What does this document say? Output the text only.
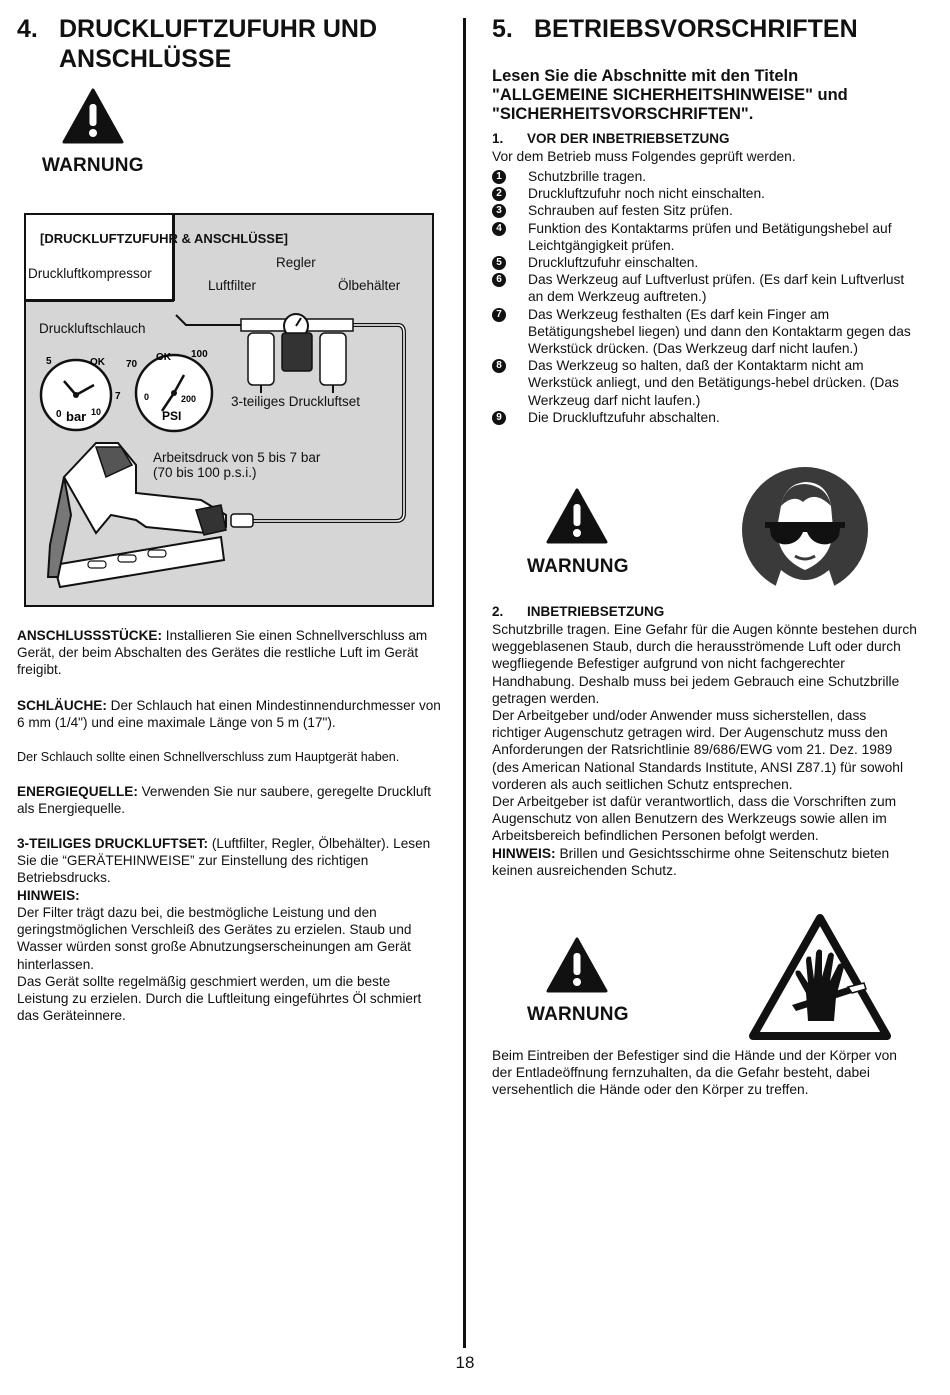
4. DRUCKLUFTZUFUHR UND
ANSCHLÜSSE
WARNUNG
[DRUCKLUFTZUFUHR & ANSCHLÜSSE]
Druckluftkompressor
Regler
Luftfilter	Ölbehälter
Druckluftschlauch
3-teiliges Druckluftset
Arbeitsdruck von 5 bis 7 bar
(70 bis 100 p.s.i.)
5	OK
7
0 bar 10
70
OK 100
0	200
PSI

ANSCHLUSSSTÜCKE: Installieren Sie einen Schnellverschluss am Gerät, der beim Abschalten des Gerätes die restliche Luft im Gerät freigibt.

SCHLÄUCHE: Der Schlauch hat einen Mindestinnendurchmesser von 6 mm (1/4") und eine maximale Länge von 5 m (17").

Der Schlauch sollte einen Schnellverschluss zum Hauptgerät haben.

ENERGIEQUELLE: Verwenden Sie nur saubere, geregelte Druckluft als Energiequelle.

3-TEILIGES DRUCKLUFTSET: (Luftfilter, Regler, Ölbehälter). Lesen Sie die “GERÄTEHINWEISE” zur Einstellung des richtigen Betriebsdrucks.

HINWEIS:

Der Filter trägt dazu bei, die bestmögliche Leistung und den geringstmöglichen Verschleiß des Gerätes zu erzielen. Staub und Wasser würden sonst große Abnutzungserscheinungen am Gerät hinterlassen.

Das Gerät sollte regelmäßig geschmiert werden, um die beste Leistung zu erzielen. Durch die Luftleitung eingeführtes Öl schmiert das Geräteinnere.

5. BETRIEBSVORSCHRIFTEN

Lesen Sie die Abschnitte mit den Titeln "ALLGEMEINE SICHERHEITSHINWEISE" und "SICHERHEITSVORSCHRIFTEN".

1. VOR DER INBETRIEBSETZUNG

Vor dem Betrieb muss Folgendes geprüft werden.

1	Schutzbrille tragen.
2	Druckluftzufuhr noch nicht einschalten.
3	Schrauben auf festen Sitz prüfen.
4	Funktion des Kontaktarms prüfen und Betätigungshebel auf Leichtgängigkeit prüfen.
5	Druckluftzufuhr einschalten.
6	Das Werkzeug auf Luftverlust prüfen. (Es darf kein Luftverlust an dem Werkzeug auftreten.)
7	Das Werkzeug festhalten (Es darf kein Finger am Betätigungshebel liegen) und dann den Kontaktarm gegen das Werkstück drücken. (Das Werkzeug darf nicht laufen.)
8	Das Werkzeug so halten, daß der Kontaktarm nicht am Werkstück anliegt, und den Betätigungs-hebel drücken. (Das Werkzeug darf nicht laufen.)
9	Die Druckluftzufuhr abschalten.
WARNUNG
2. INBETRIEBSETZUNG

Schutzbrille tragen. Eine Gefahr für die Augen könnte bestehen durch weggeblasenen Staub, durch die herausströmende Luft oder durch wegfliegende Befestiger aufgrund von nicht fachgerechter Handhabung. Deshalb muss bei jedem Gebrauch eine Schutzbrille getragen werden.

Der Arbeitgeber und/oder Anwender muss sicherstellen, dass richtiger Augenschutz getragen wird. Der Augenschutz muss den Anforderungen der Ratsrichtlinie 89/686/EWG vom 21. Dez. 1989 (des American National Standards Institute, ANSI Z87.1) für sowohl vorderen als auch seitlichen Schutz entsprechen.

Der Arbeitgeber ist dafür verantwortlich, dass die Vorschriften zum Augenschutz von allen Benutzern des Werkzeugs sowie allen im Arbeitsbereich befindlichen Personen befolgt werden.

HINWEIS: Brillen und Gesichtsschirme ohne Seitenschutz bieten keinen ausreichenden Schutz.

WARNUNG

Beim Eintreiben der Befestiger sind die Hände und der Körper von der Entladeöffnung fernzuhalten, da die Gefahr besteht, dabei versehentlich die Hände oder den Körper zu treffen.

18
